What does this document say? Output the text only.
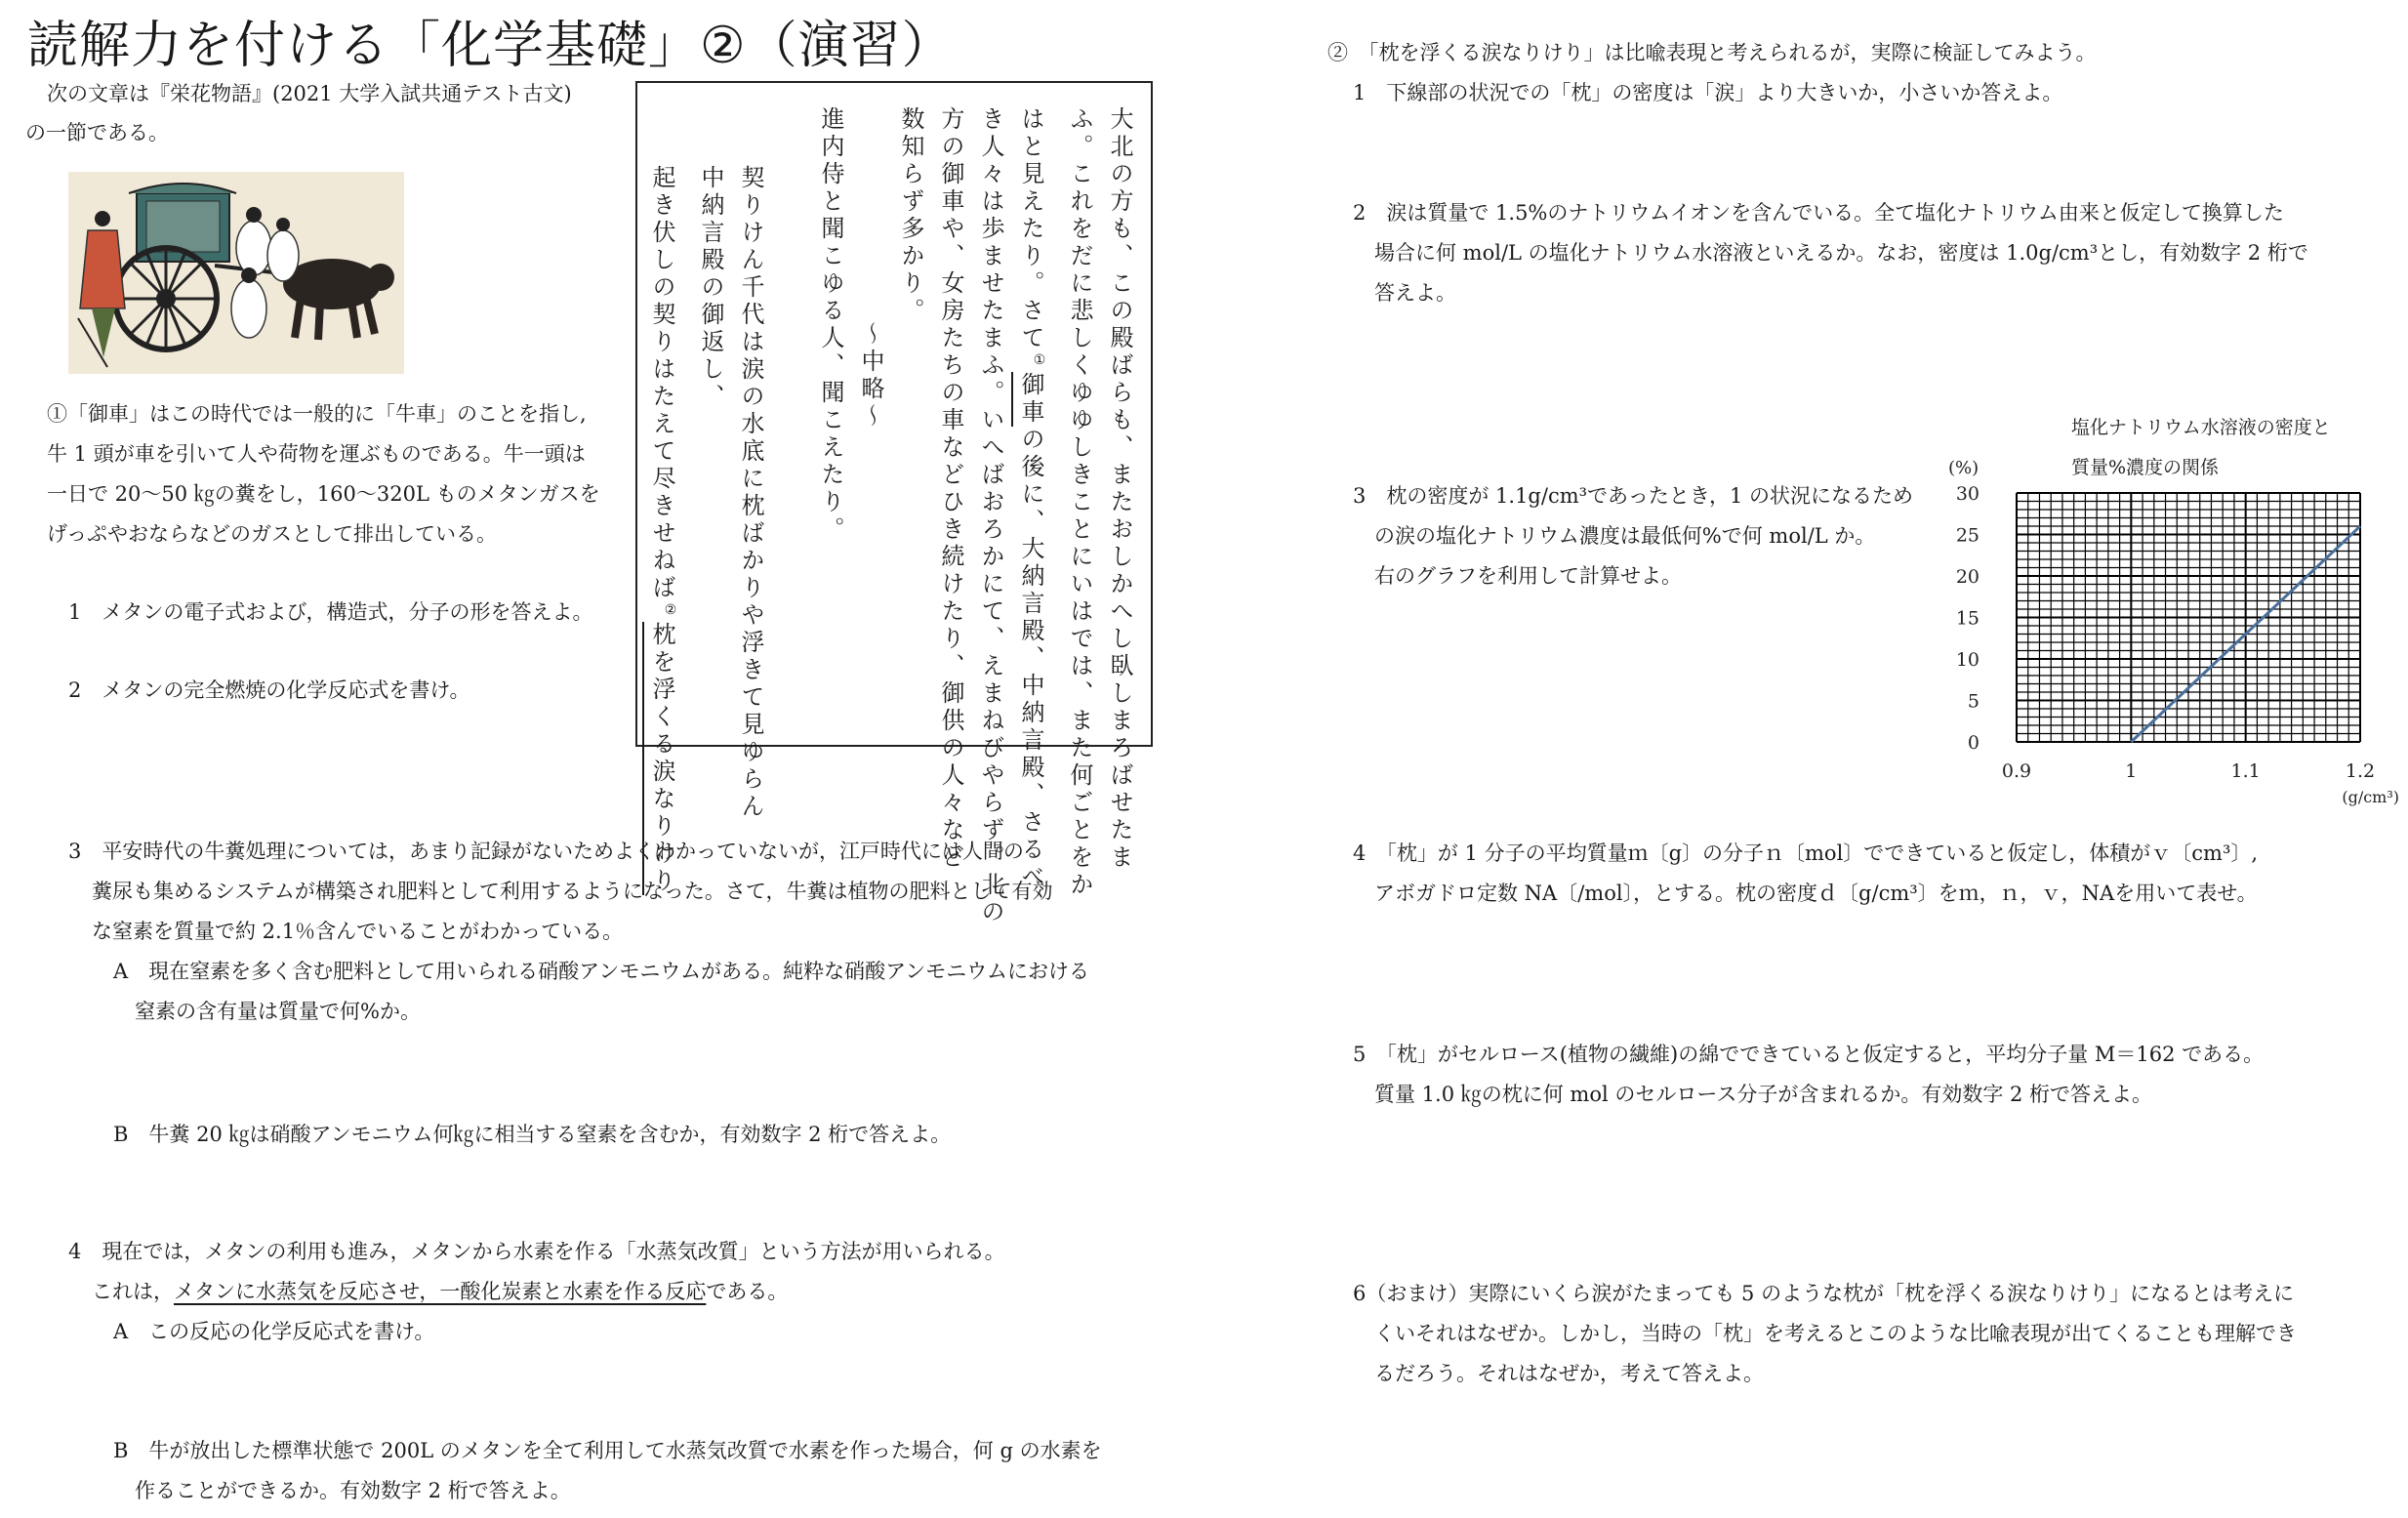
読解力を付ける「化学基礎」②（演習）
次の文章は『栄花物語』(2021 大学入試共通テスト古文)
の一節である。
①「御車」はこの時代では一般的に「牛車」のことを指し,
牛 1 頭が車を引いて人や荷物を運ぶものである。牛一頭は
一日で 20～50 ㎏の糞をし，160～320L ものメタンガスを
げっぷやおならなどのガスとして排出している。
1　メタンの電子式および，構造式，分子の形を答えよ。
2　メタンの完全燃焼の化学反応式を書け。	大北の方も、この殿ばらも、またおしかへし臥しまろばせたま
ふ。これをだに悲しくゆゆしきことにいはでは、また何ごとをか
はと見えたり。さて①御車の後に、大納言殿、中納言殿、さるべ
き人々は歩ませたまふ。いへばおろかにて、えまねびやらず。北の
方の御車や、女房たちの車などひき続けたり、御供の人々など
数知らず多かり。
～中略～
進内侍と聞こゆる人、聞こえたり。

契りけん千代は涙の水底に枕ばかりや浮きて見ゆらん
中納言殿の御返し、
起き伏しの契りはたえて尽きせねば②枕を浮くる涙なりけり
3　平安時代の牛糞処理については，あまり記録がないためよくわかっていないが，江戸時代には人間の
糞尿も集めるシステムが構築され肥料として利用するようになった。さて，牛糞は植物の肥料として有効
な窒素を質量で約 2.1％含んでいることがわかっている。
A　現在窒素を多く含む肥料として用いられる硝酸アンモニウムがある。純粋な硝酸アンモニウムにおける
窒素の含有量は質量で何%か。
B　牛糞 20 ㎏は硝酸アンモニウム何㎏に相当する窒素を含むか，有効数字 2 桁で答えよ。
4　現在では，メタンの利用も進み，メタンから水素を作る「水蒸気改質」という方法が用いられる。
これは，メタンに水蒸気を反応させ，一酸化炭素と水素を作る反応である。
A　この反応の化学反応式を書け。
B　牛が放出した標準状態で 200L のメタンを全て利用して水蒸気改質で水素を作った場合，何 g の水素を
作ることができるか。有効数字 2 桁で答えよ。
②　「枕を浮くる涙なりけり」は比喩表現と考えられるが，実際に検証してみよう。
1　下線部の状況での「枕」の密度は「涙」より大きいか，小さいか答えよ。
2　涙は質量で 1.5%のナトリウムイオンを含んでいる。全て塩化ナトリウム由来と仮定して換算した
場合に何 mol/L の塩化ナトリウム水溶液といえるか。なお，密度は 1.0g/cm³とし，有効数字 2 桁で
答えよ。
3　枕の密度が 1.1g/cm³であったとき，1 の状況になるため
の涙の塩化ナトリウム濃度は最低何%で何 mol/L か。
右のグラフを利用して計算せよ。
塩化ナトリウム水溶液の密度と
質量%濃度の関係
0
5
10
15
20
25
30
0.9	1	1.1	1.2
(%)
(g/cm³)
4　「枕」が 1 分子の平均質量ｍ〔g〕の分子ｎ〔mol〕でできていると仮定し，体積がｖ〔cm³〕,
アボガドロ定数 NA〔/mol〕，とする。枕の密度ｄ〔g/cm³〕をｍ，ｎ，ｖ，NAを用いて表せ。
5　「枕」がセルロース(植物の繊維)の綿でできていると仮定すると，平均分子量 M＝162 である。
質量 1.0 ㎏の枕に何 mol のセルロース分子が含まれるか。有効数字 2 桁で答えよ。
6（おまけ）実際にいくら涙がたまっても 5 のような枕が「枕を浮くる涙なりけり」になるとは考えに
くいそれはなぜか。しかし，当時の「枕」を考えるとこのような比喩表現が出てくることも理解でき
るだろう。それはなぜか，考えて答えよ。
